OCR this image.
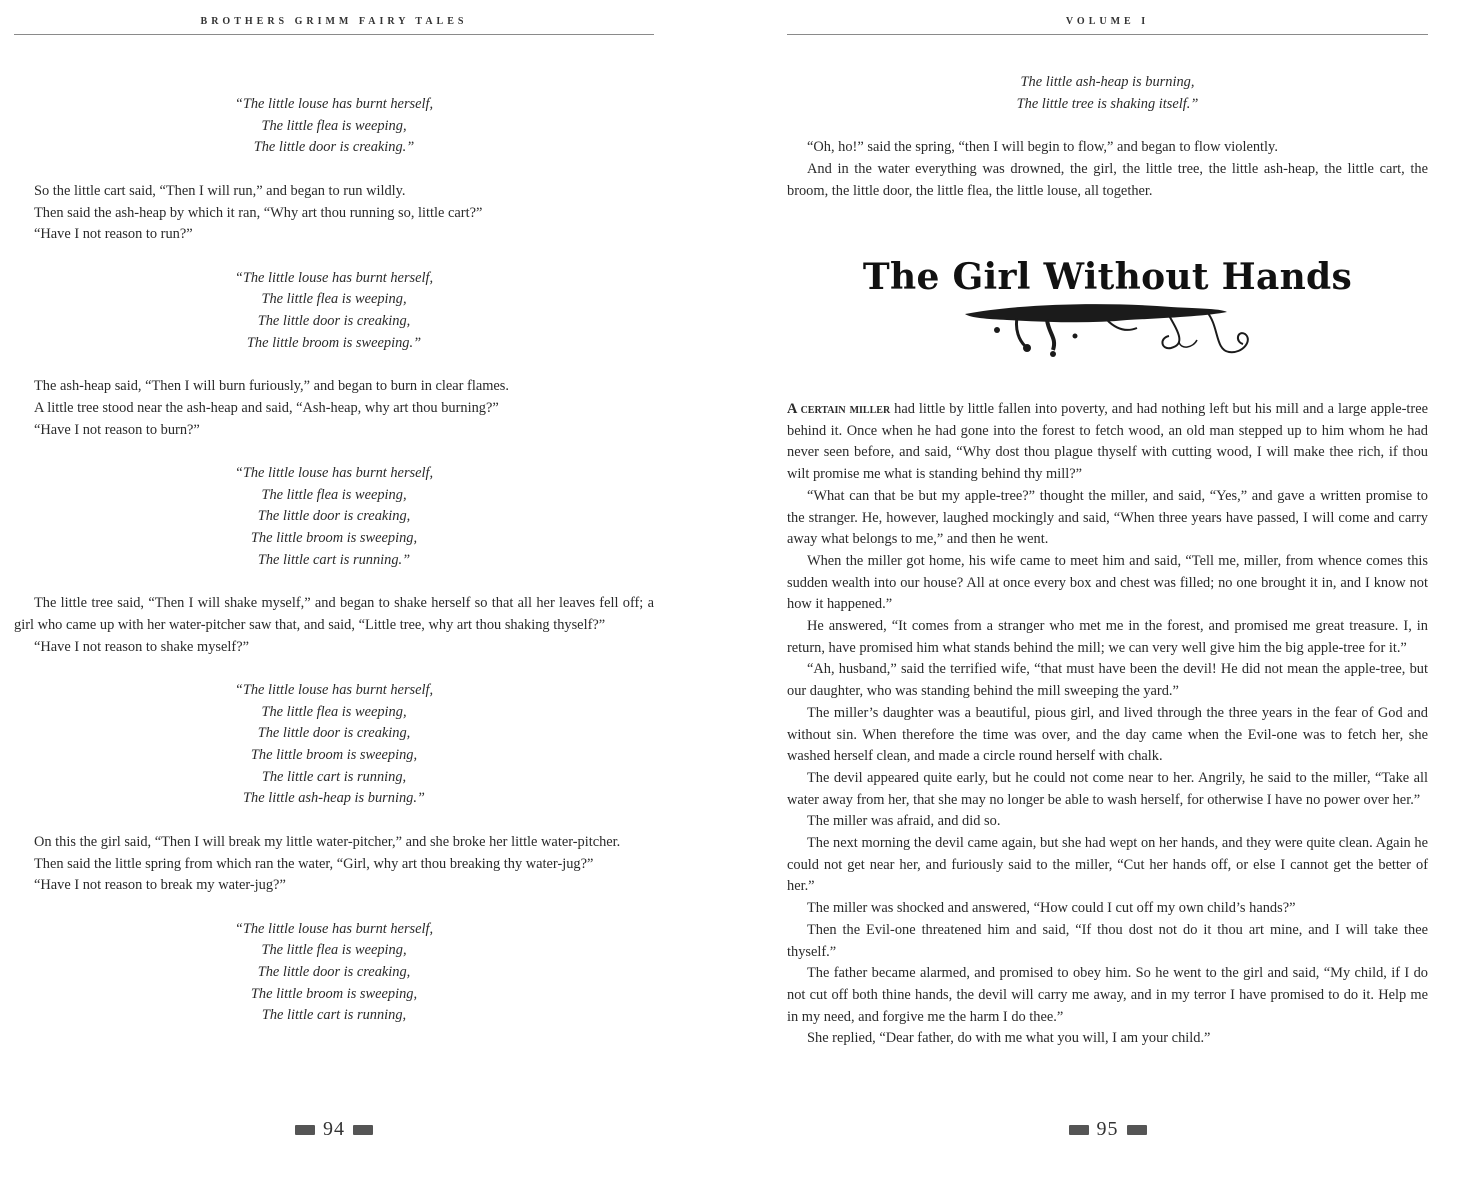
BROTHERS GRIMM FAIRY TALES
“The little louse has burnt herself,
The little flea is weeping,
The little door is creaking.”

So the little cart said, “Then I will run,” and began to run wildly.

Then said the ash-heap by which it ran, “Why art thou running so, little cart?”

“Have I not reason to run?”

“The little louse has burnt herself,
The little flea is weeping,
The little door is creaking,
The little broom is sweeping.”

The ash-heap said, “Then I will burn furiously,” and began to burn in clear flames.

A little tree stood near the ash-heap and said, “Ash-heap, why art thou burning?”

“Have I not reason to burn?”

“The little louse has burnt herself,
The little flea is weeping,
The little door is creaking,
The little broom is sweeping,
The little cart is running.”

The little tree said, “Then I will shake myself,” and began to shake herself so that all her leaves fell off; a girl who came up with her water-pitcher saw that, and said, “Little tree, why art thou shaking thyself?”

“Have I not reason to shake myself?”

“The little louse has burnt herself,
The little flea is weeping,
The little door is creaking,
The little broom is sweeping,
The little cart is running,
The little ash-heap is burning.”

On this the girl said, “Then I will break my little water-pitcher,” and she broke her little water-pitcher.

Then said the little spring from which ran the water, “Girl, why art thou breaking thy water-jug?”

“Have I not reason to break my water-jug?”

“The little louse has burnt herself,
The little flea is weeping,
The little door is creaking,
The little broom is sweeping,
The little cart is running,
94
VOLUME I
The little ash-heap is burning,
The little tree is shaking itself.”

“Oh, ho!” said the spring, “then I will begin to flow,” and began to flow violently.

And in the water everything was drowned, the girl, the little tree, the little ash-heap, the little cart, the broom, the little door, the little flea, the little louse, all together.

The Girl Without Hands

A certain miller had little by little fallen into poverty, and had nothing left but his mill and a large apple-tree behind it. Once when he had gone into the forest to fetch wood, an old man stepped up to him whom he had never seen before, and said, “Why dost thou plague thyself with cutting wood, I will make thee rich, if thou wilt promise me what is standing behind thy mill?”

“What can that be but my apple-tree?” thought the miller, and said, “Yes,” and gave a written promise to the stranger. He, however, laughed mockingly and said, “When three years have passed, I will come and carry away what belongs to me,” and then he went.

When the miller got home, his wife came to meet him and said, “Tell me, miller, from whence comes this sudden wealth into our house? All at once every box and chest was filled; no one brought it in, and I know not how it happened.”

He answered, “It comes from a stranger who met me in the forest, and promised me great treasure. I, in return, have promised him what stands behind the mill; we can very well give him the big apple-tree for it.”

“Ah, husband,” said the terrified wife, “that must have been the devil! He did not mean the apple-tree, but our daughter, who was standing behind the mill sweeping the yard.”

The miller’s daughter was a beautiful, pious girl, and lived through the three years in the fear of God and without sin. When therefore the time was over, and the day came when the Evil-one was to fetch her, she washed herself clean, and made a circle round herself with chalk.

The devil appeared quite early, but he could not come near to her. Angrily, he said to the miller, “Take all water away from her, that she may no longer be able to wash herself, for otherwise I have no power over her.”

The miller was afraid, and did so.

The next morning the devil came again, but she had wept on her hands, and they were quite clean. Again he could not get near her, and furiously said to the miller, “Cut her hands off, or else I cannot get the better of her.”

The miller was shocked and answered, “How could I cut off my own child’s hands?”

Then the Evil-one threatened him and said, “If thou dost not do it thou art mine, and I will take thee thyself.”

The father became alarmed, and promised to obey him. So he went to the girl and said, “My child, if I do not cut off both thine hands, the devil will carry me away, and in my terror I have promised to do it. Help me in my need, and forgive me the harm I do thee.”

She replied, “Dear father, do with me what you will, I am your child.”

95
